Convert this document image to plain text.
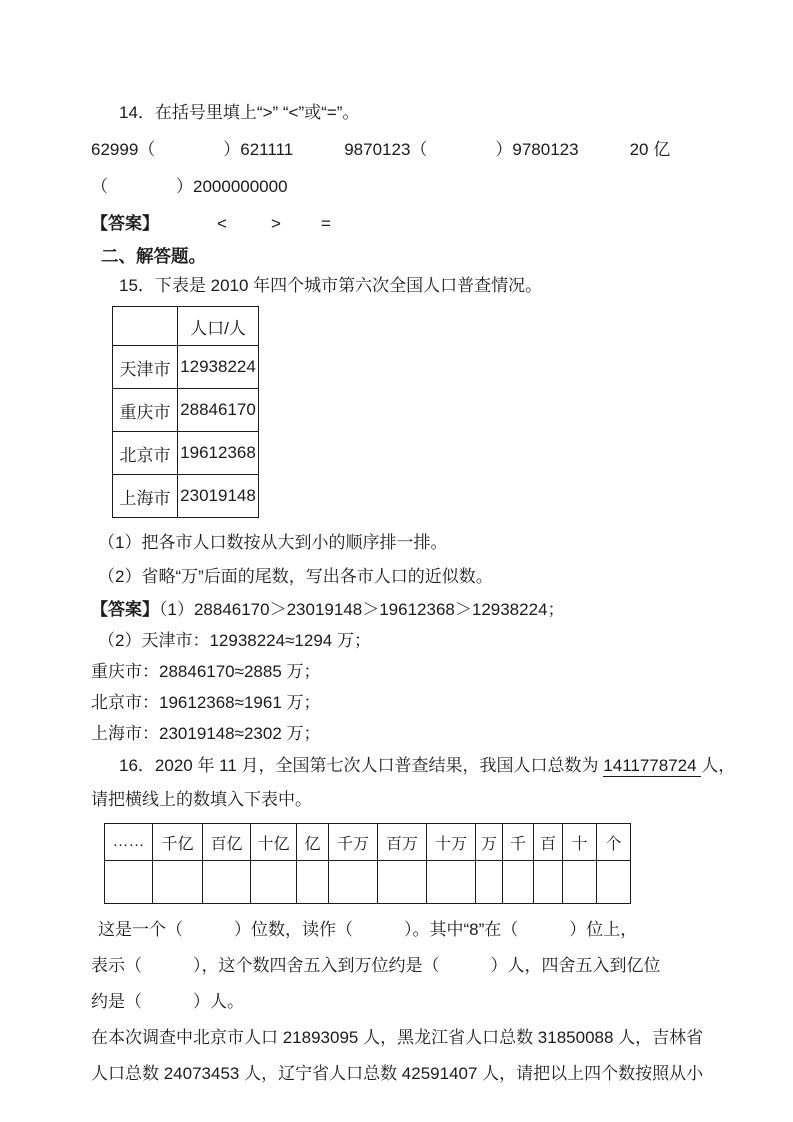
14．在括号里填上“>” “<”或“=”。
62999（　　　　）621111　　　9870123（　　　　）9780123　　　20 亿
（　　　　）2000000000
【答案】	<	> =
二、解答题。
15．下表是 2010 年四个城市第六次全国人口普查情况。
	人口/人
天津市	12938224
重庆市	28846170
北京市	19612368
上海市	23019148
（1）把各市人口数按从大到小的顺序排一排。
（2）省略“万”后面的尾数，写出各市人口的近似数。
【答案】（1）28846170＞23019148＞19612368＞12938224；
（2）天津市：12938224≈1294 万；
重庆市：28846170≈2885 万；
北京市：19612368≈1961 万；
上海市：23019148≈2302 万；
16．2020 年 11 月，全国第七次人口普查结果，我国人口总数为 1411778724 人，
请把横线上的数填入下表中。
……	千亿	百亿	十亿	亿	千万	百万	十万	万	千	百	十	个

这是一个（　　　）位数，读作（　　　）。其中“8”在（　　　）位上，
表示（　　　），这个数四舍五入到万位约是（　　　）人，四舍五入到亿位
约是（　　　）人。
在本次调查中北京市人口 21893095 人，黑龙江省人口总数 31850088 人，吉林省
人口总数 24073453 人，辽宁省人口总数 42591407 人，请把以上四个数按照从小
